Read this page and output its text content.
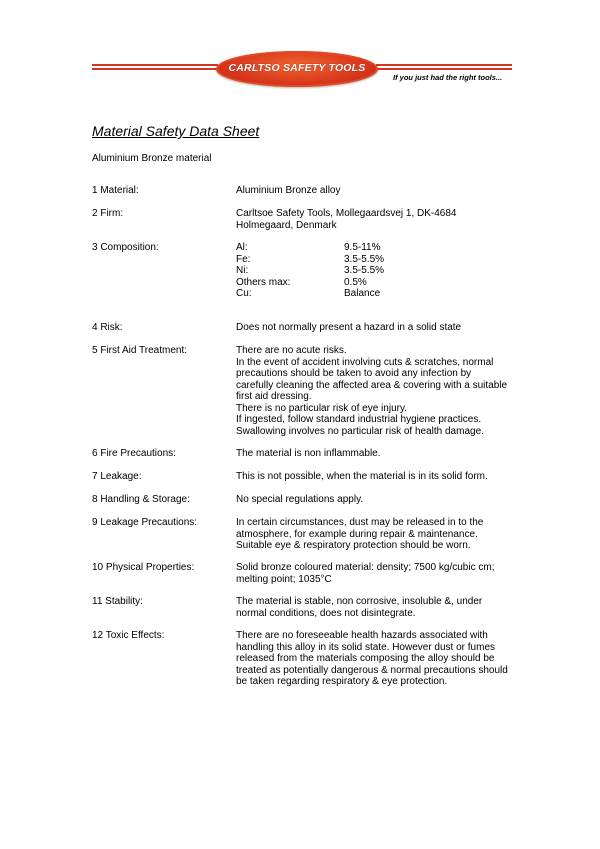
CARLTSO SAFETY TOOLS
If you just had the right tools...
Material Safety Data Sheet

Aluminium Bronze material

1 Material:	Aluminium Bronze alloy
2 Firm:	Carltsoe Safety Tools, Mollegaardsvej 1, DK-4684 Holmegaard, Denmark
3 Composition:	Al:	9.5-11%
Fe:	3.5-5.5%
Ni:	3.5-5.5%
Others max:	0.5%
Cu:	Balance
4 Risk:	Does not normally present a hazard in a solid state
5 First Aid Treatment:	There are no acute risks.
In the event of accident involving cuts & scratches, normal precautions should be taken to avoid any infection by carefully cleaning the affected area & covering with a suitable first aid dressing.
There is no particular risk of eye injury.
If ingested, follow standard industrial hygiene practices.
Swallowing involves no particular risk of health damage.
6 Fire Precautions:	The material is non inflammable.
7 Leakage:	This is not possible, when the material is in its solid form.
8 Handling & Storage:	No special regulations apply.
9 Leakage Precautions:	In certain circumstances, dust may be released in to the atmosphere, for example during repair & maintenance. Suitable eye & respiratory protection should be worn.
10 Physical Properties:	Solid bronze coloured material: density; 7500 kg/cubic cm; melting point; 1035°C
11 Stability:	The material is stable, non corrosive, insoluble &, under normal conditions, does not disintegrate.
12 Toxic Effects:	There are no foreseeable health hazards associated with handling this alloy in its solid state. However dust or fumes released from the materials composing the alloy should be treated as potentially dangerous & normal precautions should be taken regarding respiratory & eye protection.
